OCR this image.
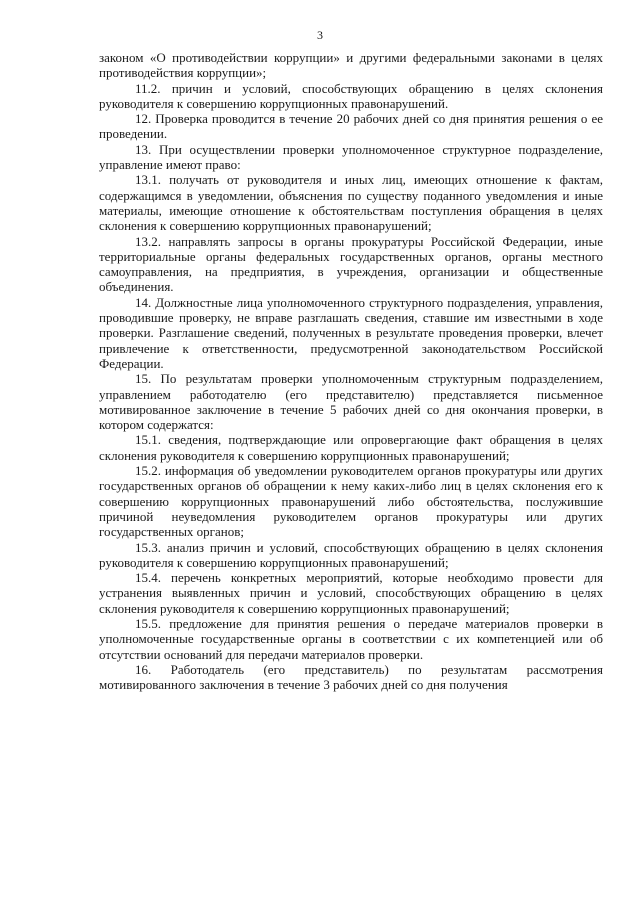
3

законом «О противодействии коррупции» и другими федеральными законами в целях противодействия коррупции»;

11.2. причин и условий, способствующих обращению в целях склонения руководителя к совершению коррупционных правонарушений.

12. Проверка проводится в течение 20 рабочих дней со дня принятия решения о ее проведении.

13. При осуществлении проверки уполномоченное структурное подразделение, управление имеют право:

13.1. получать от руководителя и иных лиц, имеющих отношение к фактам, содержащимся в уведомлении, объяснения по существу поданного уведомления и иные материалы, имеющие отношение к обстоятельствам поступления обращения в целях склонения к совершению коррупционных правонарушений;

13.2. направлять запросы в органы прокуратуры Российской Федерации, иные территориальные органы федеральных государственных органов, органы местного самоуправления, на предприятия, в учреждения, организации и общественные объединения.

14. Должностные лица уполномоченного структурного подразделения, управления, проводившие проверку, не вправе разглашать сведения, ставшие им известными в ходе проверки. Разглашение сведений, полученных в результате проведения проверки, влечет привлечение к ответственности, предусмотренной законодательством Российской Федерации.

15. По результатам проверки уполномоченным структурным подразделением, управлением работодателю (его представителю) представляется письменное мотивированное заключение в течение 5 рабочих дней со дня окончания проверки, в котором содержатся:

15.1. сведения, подтверждающие или опровергающие факт обращения в целях склонения руководителя к совершению коррупционных правонарушений;

15.2. информация об уведомлении руководителем органов прокуратуры или других государственных органов об обращении к нему каких-либо лиц в целях склонения его к совершению коррупционных правонарушений либо обстоятельства, послужившие причиной неуведомления руководителем органов прокуратуры или других государственных органов;

15.3. анализ причин и условий, способствующих обращению в целях склонения руководителя к совершению коррупционных правонарушений;

15.4. перечень конкретных мероприятий, которые необходимо провести для устранения выявленных причин и условий, способствующих обращению в целях склонения руководителя к совершению коррупционных правонарушений;

15.5. предложение для принятия решения о передаче материалов проверки в уполномоченные государственные органы в соответствии с их компетенцией или об отсутствии оснований для передачи материалов проверки.

16. Работодатель (его представитель) по результатам рассмотрения мотивированного заключения в течение 3 рабочих дней со дня получения
